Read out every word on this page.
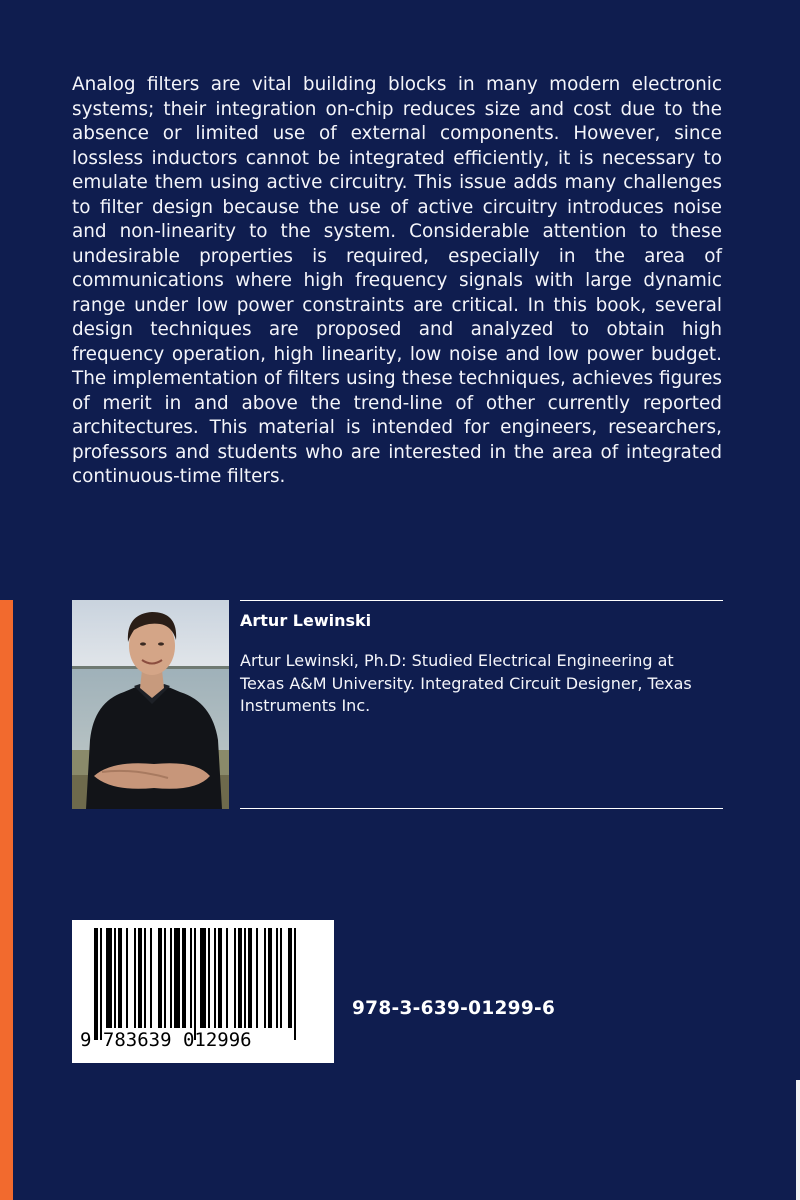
Analog filters are vital building blocks in many modern electronic systems; their integration on-chip reduces size and cost due to the absence or limited use of external components. However, since lossless inductors cannot be integrated efficiently, it is necessary to emulate them using active circuitry. This issue adds many challenges to filter design because the use of active circuitry introduces noise and non-linearity to the system. Considerable attention to these undesirable properties is required, especially in the area of communications where high frequency signals with large dynamic range under low power constraints are critical. In this book, several design techniques are proposed and analyzed to obtain high frequency operation, high linearity, low noise and low power budget. The implementation of filters using these techniques, achieves figures of merit in and above the trend-line of other currently reported architectures. This material is intended for engineers, researchers, professors and students who are interested in the area of integrated continuous-time filters.

Artur Lewinski

Artur Lewinski, Ph.D: Studied Electrical Engineering at Texas A&M University. Integrated Circuit Designer, Texas Instruments Inc.

9 783639 012996
978-3-639-01299-6
